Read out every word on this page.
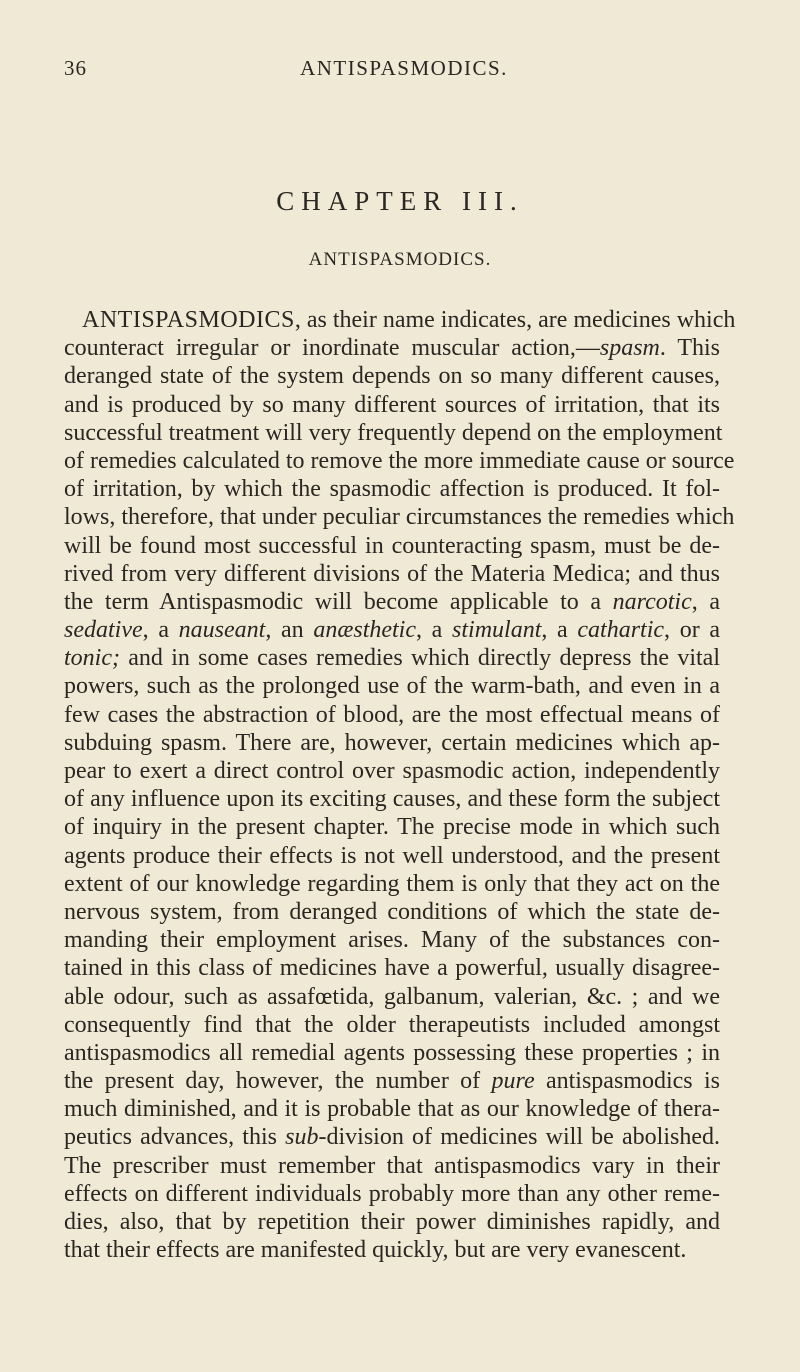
36	ANTISPASMODICS.
CHAPTER III.
ANTISPASMODICS.
ANTISPASMODICS, as their name indicates, are medicines which
counteract irregular or inordinate muscular action,—spasm. This
deranged state of the system depends on so many different causes,
and is produced by so many different sources of irritation, that its
successful treatment will very frequently depend on the employment
of remedies calculated to remove the more immediate cause or source
of irritation, by which the spasmodic affection is produced. It fol-
lows, therefore, that under peculiar circumstances the remedies which
will be found most successful in counteracting spasm, must be de-
rived from very different divisions of the Materia Medica; and thus
the term Antispasmodic will become applicable to a narcotic, a
sedative, a nauseant, an anæsthetic, a stimulant, a cathartic, or a
tonic; and in some cases remedies which directly depress the vital
powers, such as the prolonged use of the warm-bath, and even in a
few cases the abstraction of blood, are the most effectual means of
subduing spasm. There are, however, certain medicines which ap-
pear to exert a direct control over spasmodic action, independently
of any influence upon its exciting causes, and these form the subject
of inquiry in the present chapter. The precise mode in which such
agents produce their effects is not well understood, and the present
extent of our knowledge regarding them is only that they act on the
nervous system, from deranged conditions of which the state de-
manding their employment arises. Many of the substances con-
tained in this class of medicines have a powerful, usually disagree-
able odour, such as assafœtida, galbanum, valerian, &c. ; and we
consequently find that the older therapeutists included amongst
antispasmodics all remedial agents possessing these properties ; in
the present day, however, the number of pure antispasmodics is
much diminished, and it is probable that as our knowledge of thera-
peutics advances, this sub-division of medicines will be abolished.
The prescriber must remember that antispasmodics vary in their
effects on different individuals probably more than any other reme-
dies, also, that by repetition their power diminishes rapidly, and
that their effects are manifested quickly, but are very evanescent.
